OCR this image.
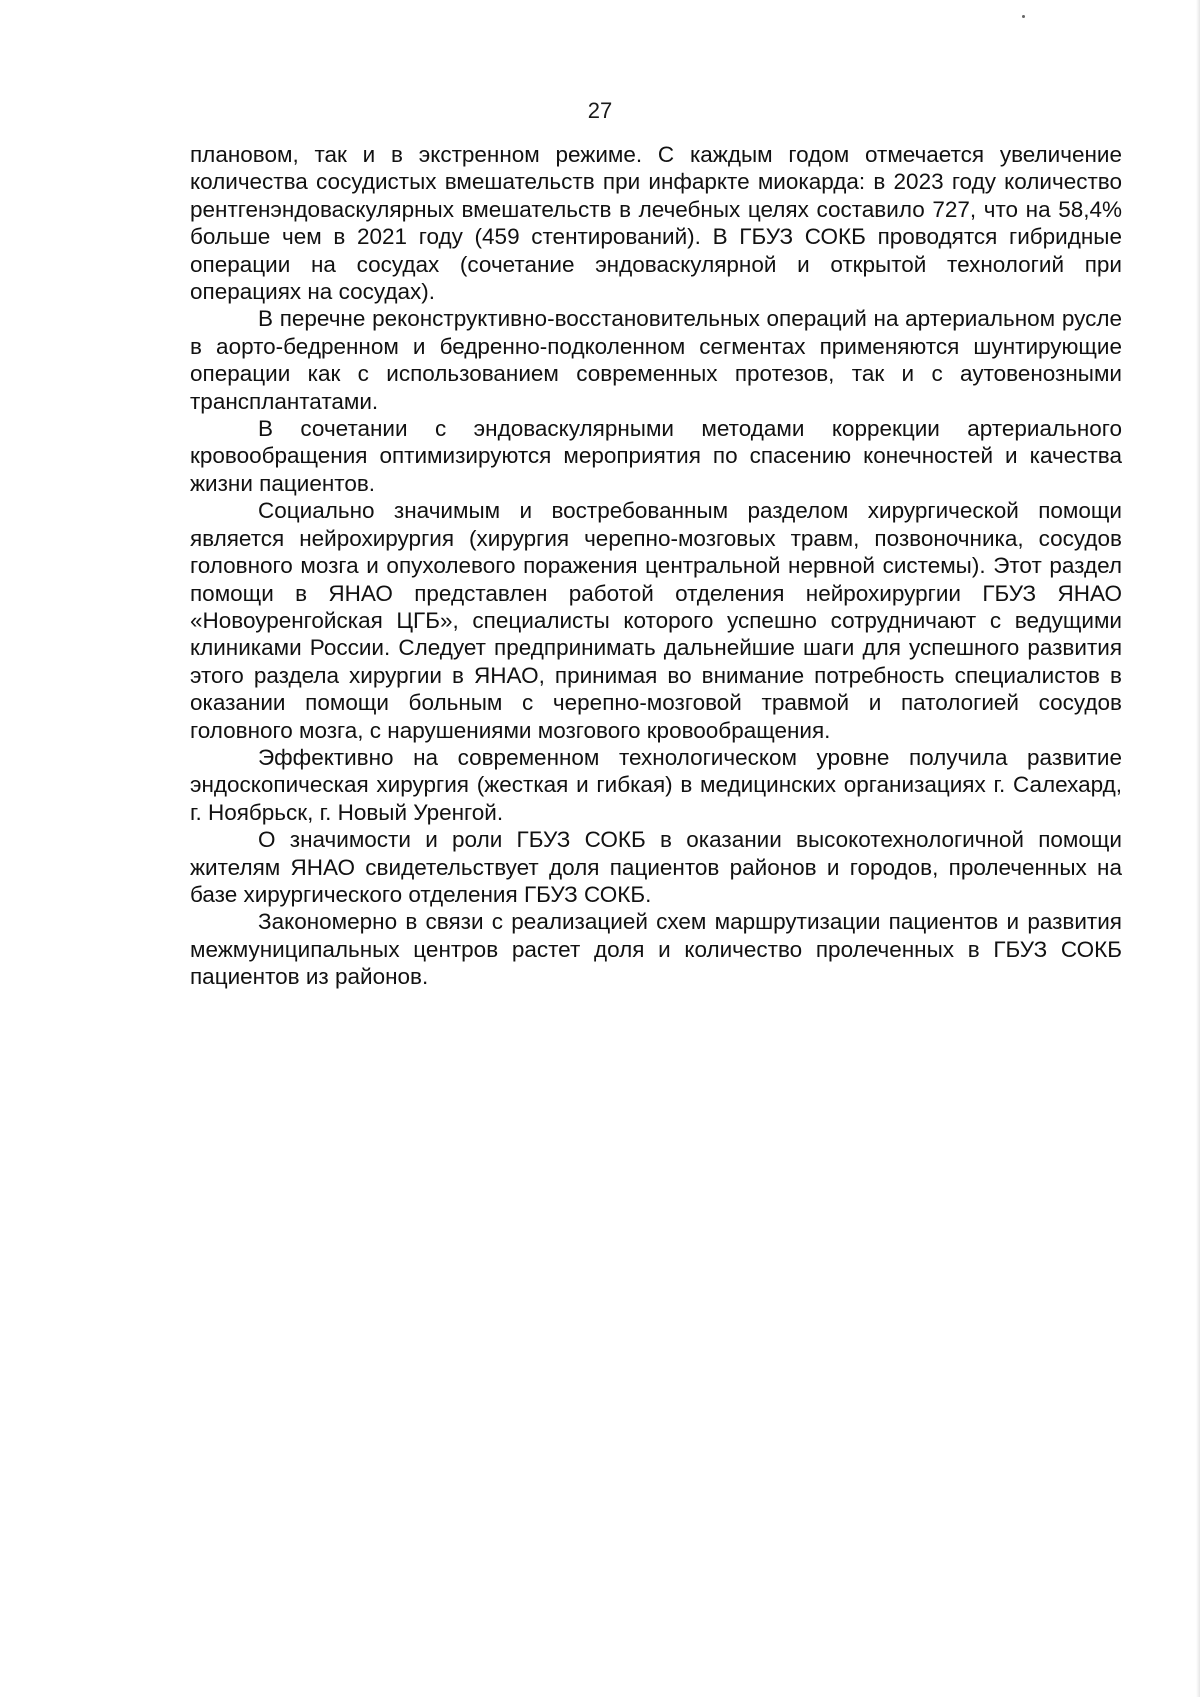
27

плановом, так и в экстренном режиме. С каждым годом отмечается увеличение количества сосудистых вмешательств при инфаркте миокарда: в 2023 году количество рентгенэндоваскулярных вмешательств в лечебных целях составило 727, что на 58,4% больше чем в 2021 году (459 стентирований). В ГБУЗ СОКБ проводятся гибридные операции на сосудах (сочетание эндоваскулярной и открытой технологий при операциях на сосудах).

В перечне реконструктивно-восстановительных операций на артериальном русле в аорто-бедренном и бедренно-подколенном сегментах применяются шунтирующие операции как с использованием современных протезов, так и с аутовенозными трансплантатами.

В сочетании с эндоваскулярными методами коррекции артериального кровообращения оптимизируются мероприятия по спасению конечностей и качества жизни пациентов.

Социально значимым и востребованным разделом хирургической помощи является нейрохирургия (хирургия черепно-мозговых травм, позвоночника, сосудов головного мозга и опухолевого поражения центральной нервной системы). Этот раздел помощи в ЯНАО представлен работой отделения нейрохирургии ГБУЗ ЯНАО «Новоуренгойская ЦГБ», специалисты которого успешно сотрудничают с ведущими клиниками России. Следует предпринимать дальнейшие шаги для успешного развития этого раздела хирургии в ЯНАО, принимая во внимание потребность специалистов в оказании помощи больным с черепно-мозговой травмой и патологией сосудов головного мозга, с нарушениями мозгового кровообращения.

Эффективно на современном технологическом уровне получила развитие эндоскопическая хирургия (жесткая и гибкая) в медицинских организациях г. Салехард, г. Ноябрьск, г. Новый Уренгой.

О значимости и роли ГБУЗ СОКБ в оказании высокотехнологичной помощи жителям ЯНАО свидетельствует доля пациентов районов и городов, пролеченных на базе хирургического отделения ГБУЗ СОКБ.

Закономерно в связи с реализацией схем маршрутизации пациентов и развития межмуниципальных центров растет доля и количество пролеченных в ГБУЗ СОКБ пациентов из районов.
